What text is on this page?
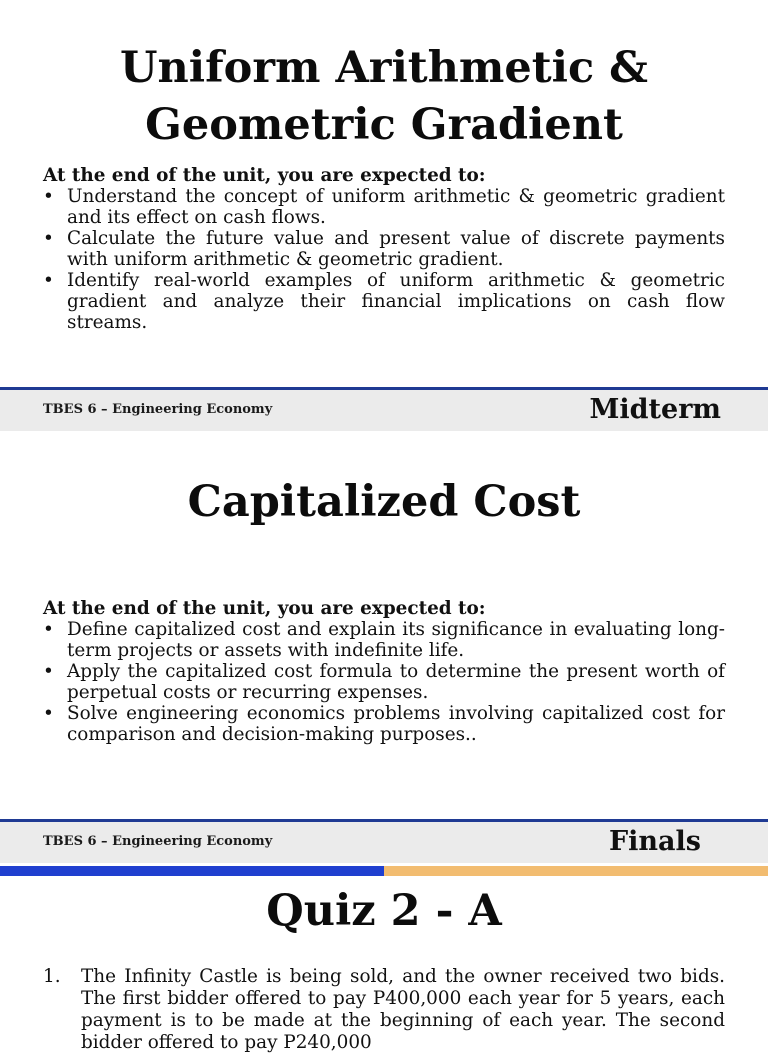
Uniform Arithmetic &
Geometric Gradient

At the end of the unit, you are expected to:

• Understand the concept of uniform arithmetic & geometric gradient and its effect on cash flows.
• Calculate the future value and present value of discrete payments with uniform arithmetic & geometric gradient.
• Identify real-world examples of uniform arithmetic & geometric gradient and analyze their financial implications on cash flow streams.
TBES 6 – Engineering Economy	Midterm
Capitalized Cost

At the end of the unit, you are expected to:

• Define capitalized cost and explain its significance in evaluating long-term projects or assets with indefinite life.
• Apply the capitalized cost formula to determine the present worth of perpetual costs or recurring expenses.
• Solve engineering economics problems involving capitalized cost for comparison and decision-making purposes..
TBES 6 – Engineering Economy	Finals
Quiz 2 - A
1. The Infinity Castle is being sold, and the owner received two bids. The first bidder offered to pay P400,000 each year for 5 years, each payment is to be made at the beginning of each year. The second bidder offered to pay P240,000
